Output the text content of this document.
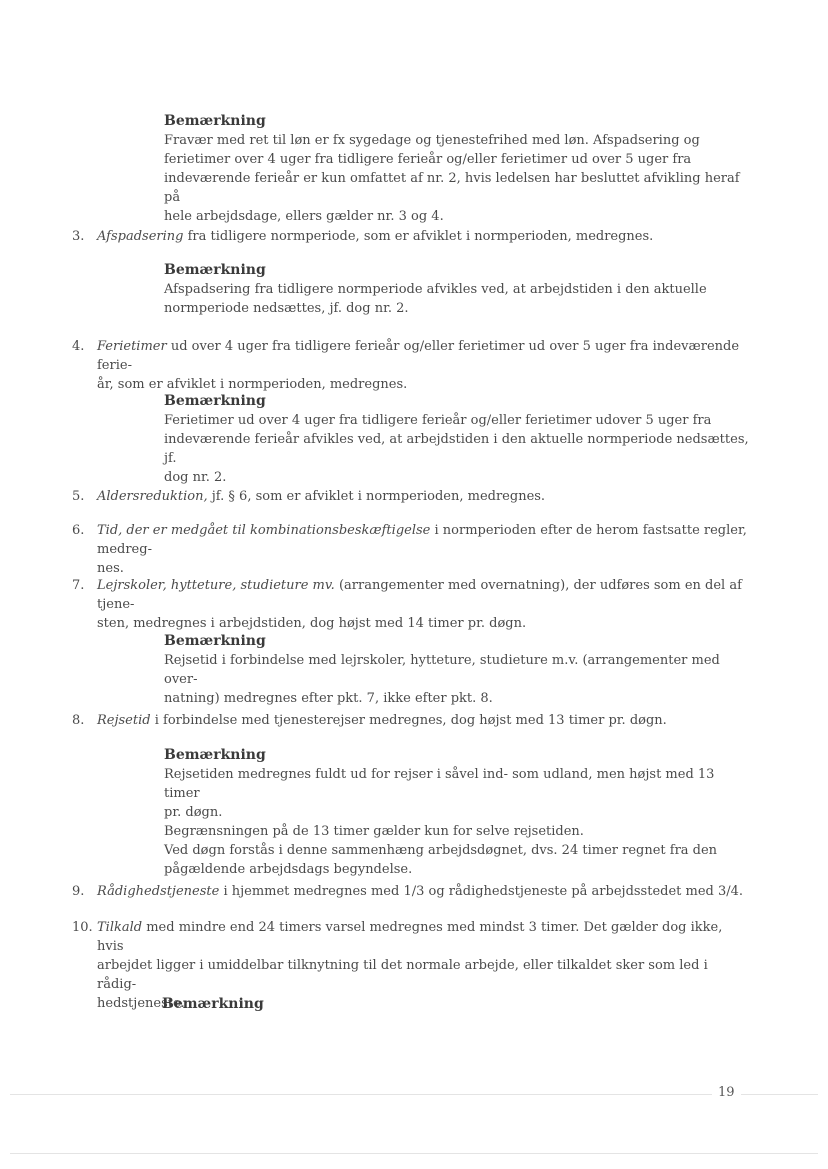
Bemærkning
Fravær med ret til løn er fx sygedage og tjenestefrihed med løn. Afspadsering og
ferietimer over 4 uger fra tidligere ferieår og/eller ferietimer ud over 5 uger fra
indeværende ferieår er kun omfattet af nr. 2, hvis ledelsen har besluttet afvikling heraf på
hele arbejdsdage, ellers gælder nr. 3 og 4.
3. Afspadsering fra tidligere normperiode, som er afviklet i normperioden, medregnes.
Bemærkning
Afspadsering fra tidligere normperiode afvikles ved, at arbejdstiden i den aktuelle
normperiode nedsættes, jf. dog nr. 2.
4. Ferietimer ud over 4 uger fra tidligere ferieår og/eller ferietimer ud over 5 uger fra indeværende ferie-
år, som er afviklet i normperioden, medregnes.
Bemærkning
Ferietimer ud over 4 uger fra tidligere ferieår og/eller ferietimer udover 5 uger fra
indeværende ferieår afvikles ved, at arbejdstiden i den aktuelle normperiode nedsættes, jf.
dog nr. 2.
5. Aldersreduktion, jf. § 6, som er afviklet i normperioden, medregnes.
6. Tid, der er medgået til kombinationsbeskæftigelse i normperioden efter de herom fastsatte regler, medreg-
nes.
7. Lejrskoler, hytteture, studieture mv. (arrangementer med overnatning), der udføres som en del af tjene-
sten, medregnes i arbejdstiden, dog højst med 14 timer pr. døgn.
Bemærkning
Rejsetid i forbindelse med lejrskoler, hytteture, studieture m.v. (arrangementer med over-
natning) medregnes efter pkt. 7, ikke efter pkt. 8.
8. Rejsetid i forbindelse med tjenesterejser medregnes, dog højst med 13 timer pr. døgn.
Bemærkning
Rejsetiden medregnes fuldt ud for rejser i såvel ind- som udland, men højst med 13 timer
pr. døgn.
Begrænsningen på de 13 timer gælder kun for selve rejsetiden.
Ved døgn forstås i denne sammenhæng arbejdsdøgnet, dvs. 24 timer regnet fra den
pågældende arbejdsdags begyndelse.
9. Rådighedstjeneste i hjemmet medregnes med 1/3 og rådighedstjeneste på arbejdsstedet med 3/4.
10. Tilkald med mindre end 24 timers varsel medregnes med mindst 3 timer. Det gælder dog ikke, hvis
arbejdet ligger i umiddelbar tilknytning til det normale arbejde, eller tilkaldet sker som led i rådig-
hedstjeneste.
Bemærkning
19
